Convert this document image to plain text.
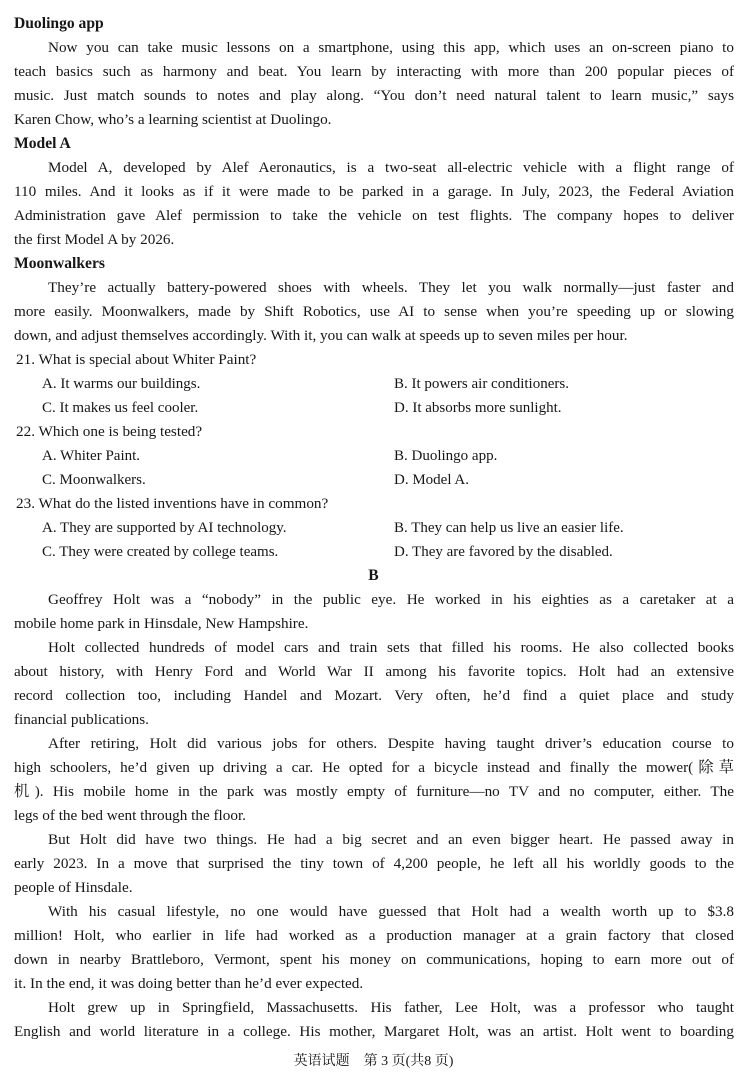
Duolingo app
Now you can take music lessons on a smartphone, using this app, which uses an on-screen piano to
teach basics such as harmony and beat. You learn by interacting with more than 200 popular pieces of
music. Just match sounds to notes and play along. “You don’t need natural talent to learn music,” says
Karen Chow, who’s a learning scientist at Duolingo.
Model A
Model A, developed by Alef Aeronautics, is a two-seat all-electric vehicle with a flight range of
110 miles. And it looks as if it were made to be parked in a garage. In July, 2023, the Federal Aviation
Administration gave Alef permission to take the vehicle on test flights. The company hopes to deliver
the first Model A by 2026.
Moonwalkers
They’re actually battery-powered shoes with wheels. They let you walk normally—just faster and
more easily. Moonwalkers, made by Shift Robotics, use AI to sense when you’re speeding up or slowing
down, and adjust themselves accordingly. With it, you can walk at speeds up to seven miles per hour.
21. What is special about Whiter Paint?
A. It warms our buildings.	B. It powers air conditioners.
C. It makes us feel cooler.	D. It absorbs more sunlight.
22. Which one is being tested?
A. Whiter Paint.	B. Duolingo app.
C. Moonwalkers.	D. Model A.
23. What do the listed inventions have in common?
A. They are supported by AI technology.	B. They can help us live an easier life.
C. They were created by college teams.	D. They are favored by the disabled.
B
Geoffrey Holt was a “nobody” in the public eye. He worked in his eighties as a caretaker at a
mobile home park in Hinsdale, New Hampshire.
Holt collected hundreds of model cars and train sets that filled his rooms. He also collected books
about history, with Henry Ford and World War II among his favorite topics. Holt had an extensive
record collection too, including Handel and Mozart. Very often, he’d find a quiet place and study
financial publications.
After retiring, Holt did various jobs for others. Despite having taught driver’s education course to
high schoolers, he’d given up driving a car. He opted for a bicycle instead and finally the mower(除草
机). His mobile home in the park was mostly empty of furniture—no TV and no computer, either. The
legs of the bed went through the floor.
But Holt did have two things. He had a big secret and an even bigger heart. He passed away in
early 2023. In a move that surprised the tiny town of 4,200 people, he left all his worldly goods to the
people of Hinsdale.
With his casual lifestyle, no one would have guessed that Holt had a wealth worth up to $3.8
million! Holt, who earlier in life had worked as a production manager at a grain factory that closed
down in nearby Brattleboro, Vermont, spent his money on communications, hoping to earn more out of
it. In the end, it was doing better than he’d ever expected.
Holt grew up in Springfield, Massachusetts. His father, Lee Holt, was a professor who taught
English and world literature in a college. His mother, Margaret Holt, was an artist. Holt went to boarding
英语试题　第 3 页(共8 页)
